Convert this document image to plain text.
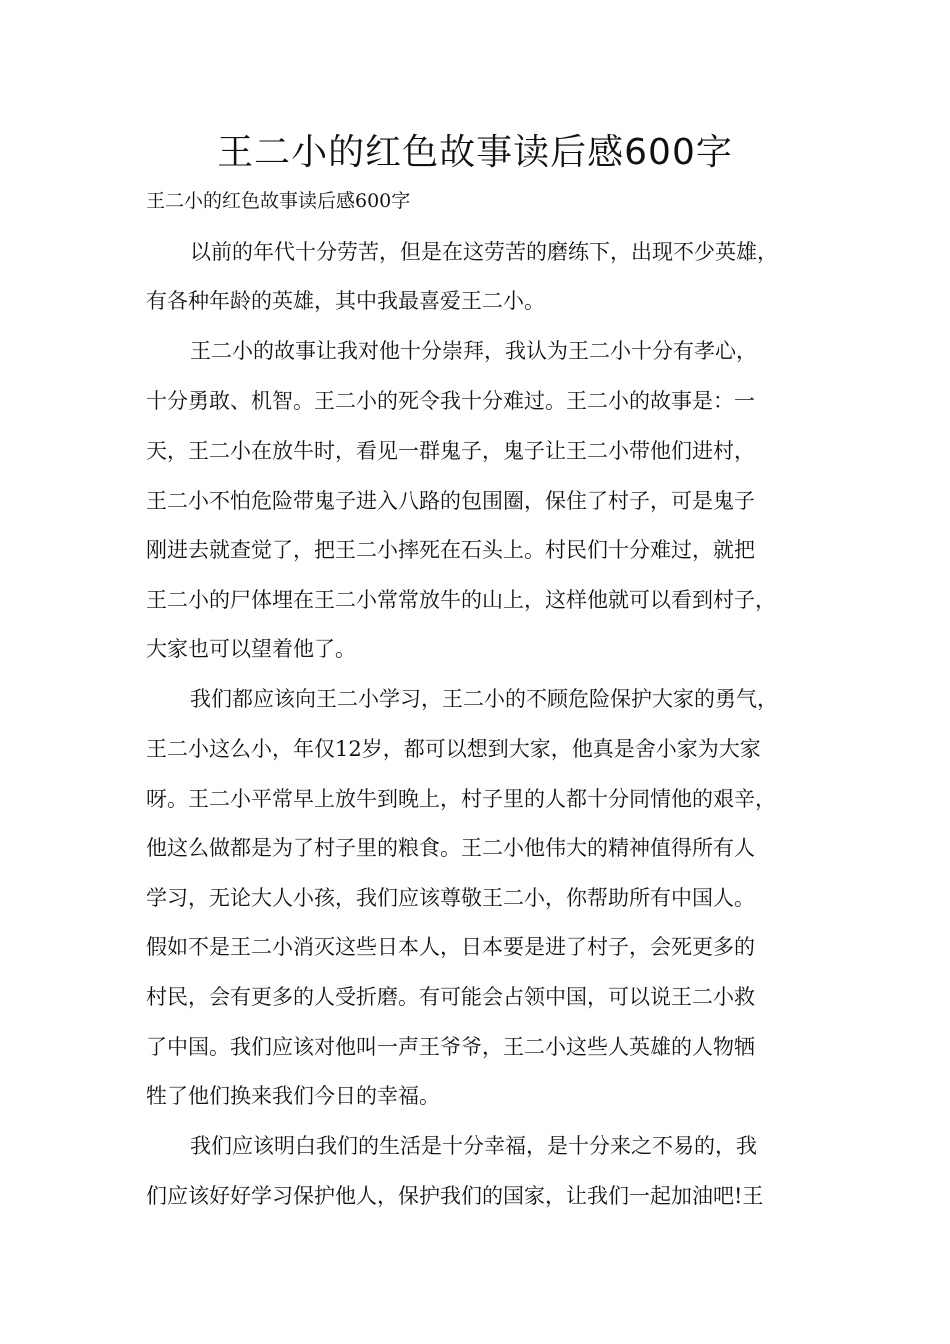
王二小的红色故事读后感600字

王二小的红色故事读后感600字

以前的年代十分劳苦，但是在这劳苦的磨练下，出现不少英雄，

有各种年龄的英雄，其中我最喜爱王二小。

王二小的故事让我对他十分崇拜，我认为王二小十分有孝心，

十分勇敢、机智。王二小的死令我十分难过。王二小的故事是：一

天，王二小在放牛时，看见一群鬼子，鬼子让王二小带他们进村，

王二小不怕危险带鬼子进入八路的包围圈，保住了村子，可是鬼子

刚进去就查觉了，把王二小摔死在石头上。村民们十分难过，就把

王二小的尸体埋在王二小常常放牛的山上，这样他就可以看到村子，

大家也可以望着他了。

我们都应该向王二小学习，王二小的不顾危险保护大家的勇气，

王二小这么小，年仅12岁，都可以想到大家，他真是舍小家为大家

呀。王二小平常早上放牛到晚上，村子里的人都十分同情他的艰辛，

他这么做都是为了村子里的粮食。王二小他伟大的精神值得所有人

学习，无论大人小孩，我们应该尊敬王二小，你帮助所有中国人。

假如不是王二小消灭这些日本人，日本要是进了村子，会死更多的

村民，会有更多的人受折磨。有可能会占领中国，可以说王二小救

了中国。我们应该对他叫一声王爷爷，王二小这些人英雄的人物牺

牲了他们换来我们今日的幸福。

我们应该明白我们的生活是十分幸福，是十分来之不易的，我

们应该好好学习保护他人，保护我们的国家，让我们一起加油吧!王
